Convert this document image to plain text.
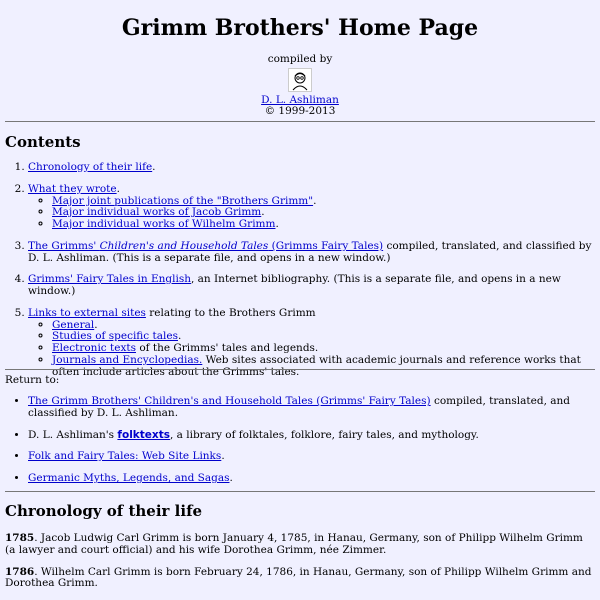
Grimm Brothers' Home Page
compiled by
D. L. Ashliman
© 1999-2013
Contents
1. Chronology of their life.
2. What they wrote.
◦ Major joint publications of the "Brothers Grimm".
◦ Major individual works of Jacob Grimm.
◦ Major individual works of Wilhelm Grimm.
3. The Grimms' Children's and Household Tales (Grimms Fairy Tales) compiled, translated, and classified by D. L. Ashliman. (This is a separate file, and opens in a new window.)
4. Grimms' Fairy Tales in English, an Internet bibliography. (This is a separate file, and opens in a new window.)
5. Links to external sites relating to the Brothers Grimm
◦ General.
◦ Studies of specific tales.
◦ Electronic texts of the Grimms' tales and legends.
◦ Journals and Encyclopedias. Web sites associated with academic journals and reference works that often include articles about the Grimms' tales.
Return to:
• The Grimm Brothers' Children's and Household Tales (Grimms' Fairy Tales) compiled, translated, and classified by D. L. Ashliman.
• D. L. Ashliman's folktexts, a library of folktales, folklore, fairy tales, and mythology.
• Folk and Fairy Tales: Web Site Links.
• Germanic Myths, Legends, and Sagas.
Chronology of their life

1785. Jacob Ludwig Carl Grimm is born January 4, 1785, in Hanau, Germany, son of Philipp Wilhelm Grimm (a lawyer and court official) and his wife Dorothea Grimm, née Zimmer.

1786. Wilhelm Carl Grimm is born February 24, 1786, in Hanau, Germany, son of Philipp Wilhelm Grimm and Dorothea Grimm.
